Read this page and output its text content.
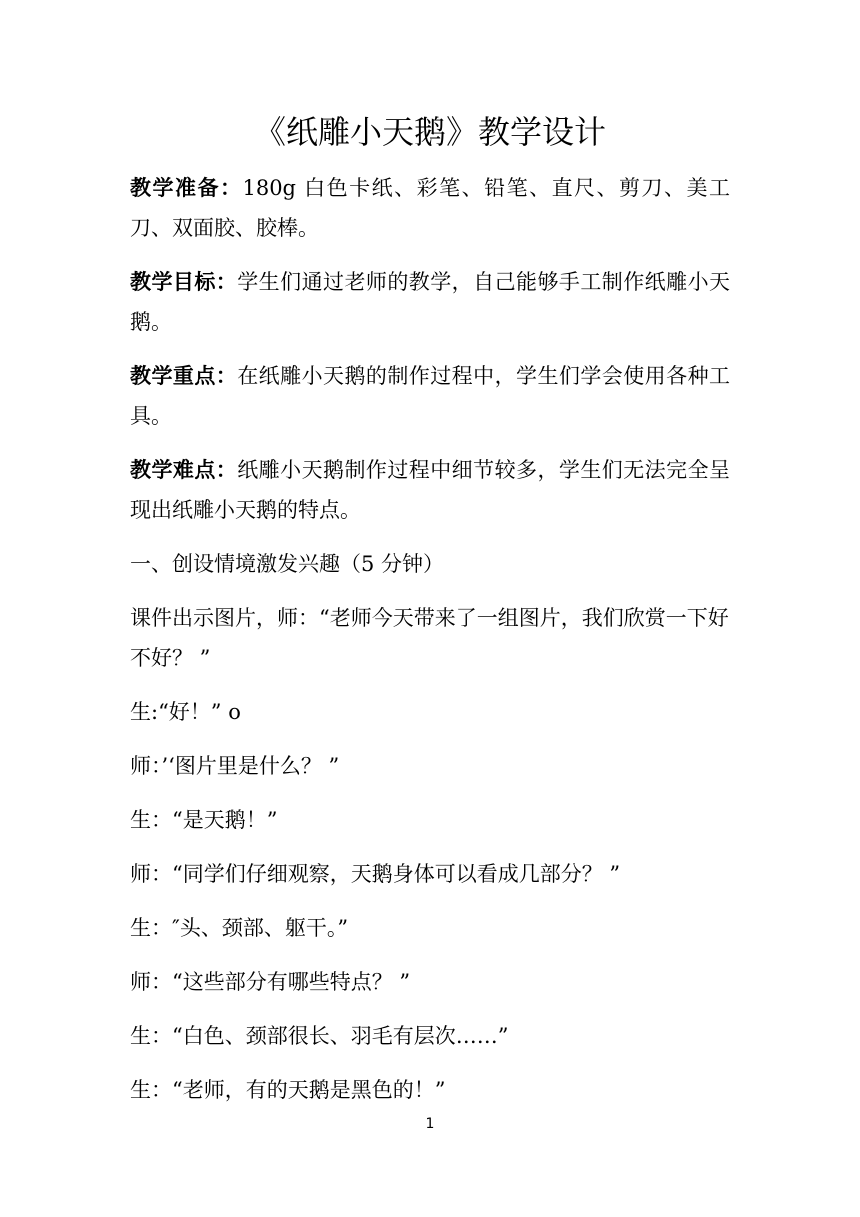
《纸雕小天鹅》教学设计

教学准备：180g 白色卡纸、彩笔、铅笔、直尺、剪刀、美工刀、双面胶、胶棒。

教学目标：学生们通过老师的教学，自己能够手工制作纸雕小天鹅。

教学重点：在纸雕小天鹅的制作过程中，学生们学会使用各种工具。

教学难点：纸雕小天鹅制作过程中细节较多，学生们无法完全呈现出纸雕小天鹅的特点。

一、创设情境激发兴趣（5 分钟）

课件出示图片，师：“老师今天带来了一组图片，我们欣赏一下好不好？ ”

生:“好！” o

师：’‘图片里是什么？ ”

生：“是天鹅！”

师：“同学们仔细观察，天鹅身体可以看成几部分？ ”

生：″头、颈部、躯干。”

师：“这些部分有哪些特点？ ”

生：“白色、颈部很长、羽毛有层次……”

生：“老师，有的天鹅是黑色的！”

1
